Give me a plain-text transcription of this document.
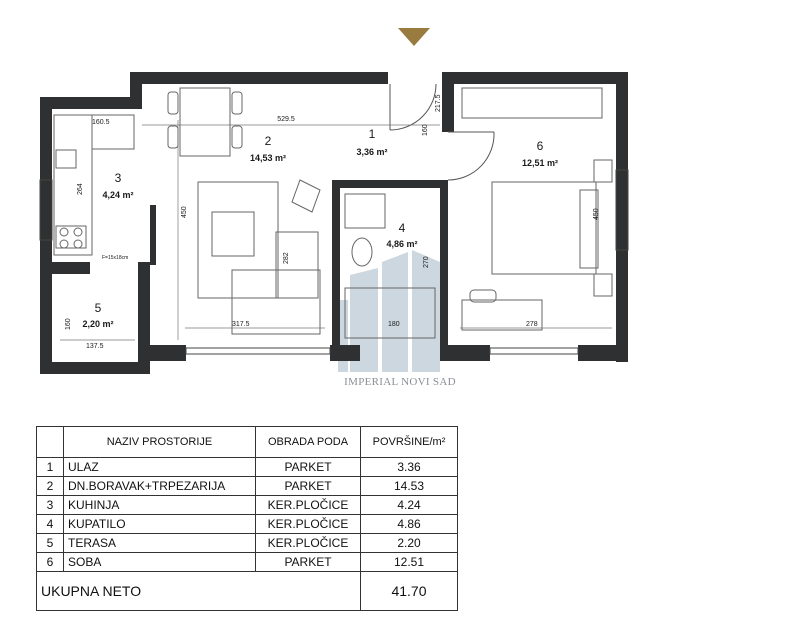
1
3,36 m²
2
14,53 m²
3
4,24 m²
4
4,86 m²
5
2,20 m²
6
12,51 m²
160.5	529.5
450
264
282
317.5
270
180	278
450
160
160
137.5
217.5
F=15x18cm
IMPERIAL NOVI SAD
	NAZIV PROSTORIJE	OBRADA PODA	POVRŠINE/m²
1	ULAZ	PARKET	3.36
2	DN.BORAVAK+TRPEZARIJA	PARKET	14.53
3	KUHINJA	KER.PLOČICE	4.24
4	KUPATILO	KER.PLOČICE	4.86
5	TERASA	KER.PLOČICE	2.20
6	SOBA	PARKET	12.51
UKUPNA NETO			41.70
